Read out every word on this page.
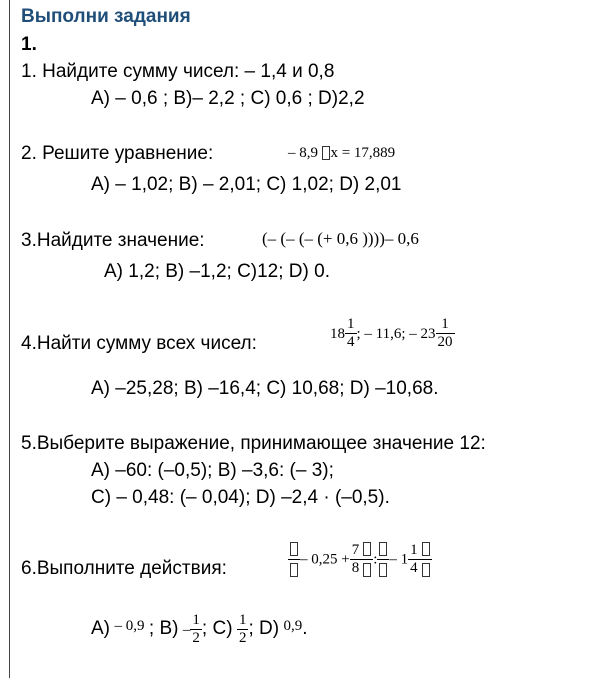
Выполни задания
1.
1. Найдите сумму чисел: – 1,4 и 0,8
A) – 0,6 ; B)– 2,2 ; C) 0,6 ; D)2,2
2. Решите уравнение:	– 8,9 x = 17,889
A) – 1,02; B) – 2,01; C) 1,02; D) 2,01
3.Найдите значение:	(– (– (– (+ 0,6 ))))– 0,6
A) 1,2; B) –1,2; C)12; D) 0.
4.Найти сумму всех чисел:	$18 \frac{1}{4}$ ; – 11,6; – $23 \frac{1}{20}$
A) –25,28; B) –16,4; C) 10,68; D) –10,68.
5.Выберите выражение, принимающее значение 12:
A) –60: (–0,5); B) –3,6: (– 3);
C) – 0,48: (– 0,04); D) –2,4 · (–0,5).
6.Выполните действия:	– $0,25 + \frac{7}{8}$ : – $1 \frac{1}{4}$
A) – 0,9 ; $B) - \frac{1}{2}$ ; $C) \frac{1}{2}$ ; D) 0,9.
